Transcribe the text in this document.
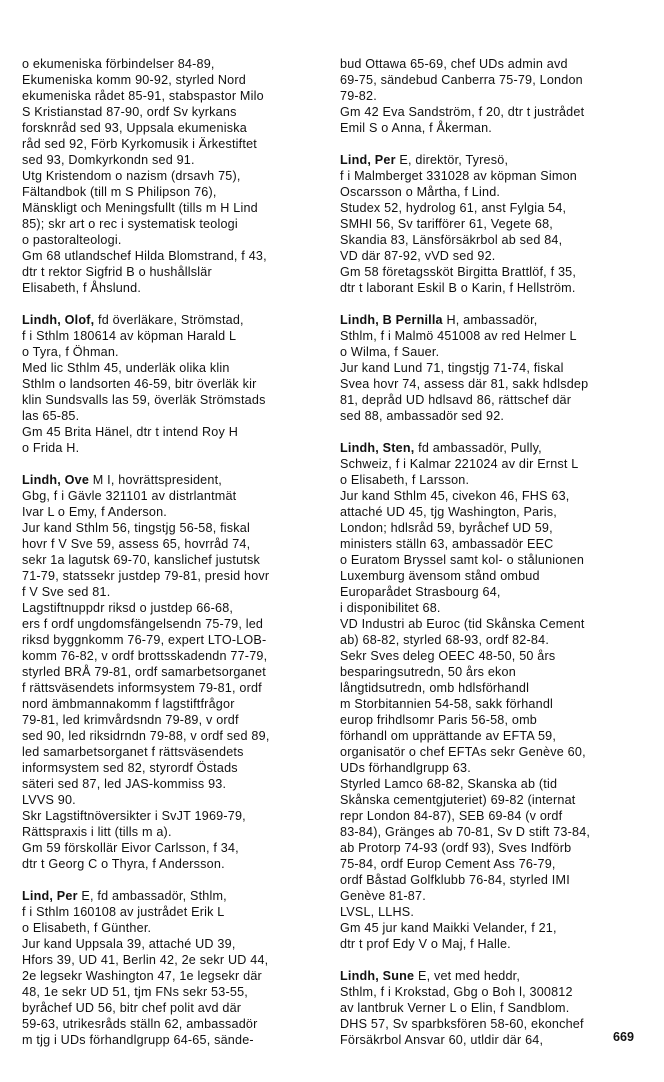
o ekumeniska förbindelser 84-89,
Ekumeniska komm 90-92, styrled Nord
ekumeniska rådet 85-91, stabspastor Milo
S Kristianstad 87-90, ordf Sv kyrkans
forsknråd sed 93, Uppsala ekumeniska
råd sed 92, Förb Kyrkomusik i Ärkestiftet
sed 93, Domkyrkondn sed 91.
Utg Kristendom o nazism (drsavh 75),
Fältandbok (till m S Philipson 76),
Mänskligt och Meningsfullt (tills m H Lind
85); skr art o rec i systematisk teologi
o pastoralteologi.
Gm 68 utlandschef Hilda Blomstrand, f 43,
dtr t rektor Sigfrid B o hushållslär
Elisabeth, f Åhslund.

Lindh, Olof, fd överläkare, Strömstad,
f i Sthlm 180614 av köpman Harald L
o Tyra, f Öhman.
Med lic Sthlm 45, underläk olika klin
Sthlm o landsorten 46-59, bitr överläk kir
klin Sundsvalls las 59, överläk Strömstads
las 65-85.
Gm 45 Brita Hänel, dtr t intend Roy H
o Frida H.

Lindh, Ove M I, hovrättspresident,
Gbg, f i Gävle 321101 av distrlantmät
Ivar L o Emy, f Anderson.
Jur kand Sthlm 56, tingstjg 56-58, fiskal
hovr f V Sve 59, assess 65, hovrråd 74,
sekr 1a lagutsk 69-70, kanslichef justutsk
71-79, statssekr justdep 79-81, presid hovr
f V Sve sed 81.
Lagstiftnuppdr riksd o justdep 66-68,
ers f ordf ungdomsfängelsendn 75-79, led
riksd byggnkomm 76-79, expert LTO-LOB-
komm 76-82, v ordf brottsskadendn 77-79,
styrled BRÅ 79-81, ordf samarbetsorganet
f rättsväsendets informsystem 79-81, ordf
nord ämbmannakomm f lagstiftfrågor
79-81, led krimvårdsndn 79-89, v ordf
sed 90, led riksidrndn 79-88, v ordf sed 89,
led samarbetsorganet f rättsväsendets
informsystem sed 82, styrordf Östads
säteri sed 87, led JAS-kommiss 93.
LVVS 90.
Skr Lagstiftnöversikter i SvJT 1969-79,
Rättspraxis i litt (tills m a).
Gm 59 förskollär Eivor Carlsson, f 34,
dtr t Georg C o Thyra, f Andersson.

Lind, Per E, fd ambassadör, Sthlm,
f i Sthlm 160108 av justrådet Erik L
o Elisabeth, f Günther.
Jur kand Uppsala 39, attaché UD 39,
Hfors 39, UD 41, Berlin 42, 2e sekr UD 44,
2e legsekr Washington 47, 1e legsekr där
48, 1e sekr UD 51, tjm FNs sekr 53-55,
byråchef UD 56, bitr chef polit avd där
59-63, utrikesråds ställn 62, ambassadör
m tjg i UDs förhandlgrupp 64-65, sände-

bud Ottawa 65-69, chef UDs admin avd
69-75, sändebud Canberra 75-79, London
79-82.
Gm 42 Eva Sandström, f 20, dtr t justrådet
Emil S o Anna, f Åkerman.

Lind, Per E, direktör, Tyresö,
f i Malmberget 331028 av köpman Simon
Oscarsson o Mårtha, f Lind.
Studex 52, hydrolog 61, anst Fylgia 54,
SMHI 56, Sv tarifförer 61, Vegete 68,
Skandia 83, Länsförsäkrbol ab sed 84,
VD där 87-92, vVD sed 92.
Gm 58 företagssköt Birgitta Brattlöf, f 35,
dtr t laborant Eskil B o Karin, f Hellström.

Lindh, B Pernilla H, ambassadör,
Sthlm, f i Malmö 451008 av red Helmer L
o Wilma, f Sauer.
Jur kand Lund 71, tingstjg 71-74, fiskal
Svea hovr 74, assess där 81, sakk hdlsdep
81, depråd UD hdlsavd 86, rättschef där
sed 88, ambassadör sed 92.

Lindh, Sten, fd ambassadör, Pully,
Schweiz, f i Kalmar 221024 av dir Ernst L
o Elisabeth, f Larsson.
Jur kand Sthlm 45, civekon 46, FHS 63,
attaché UD 45, tjg Washington, Paris,
London; hdlsråd 59, byråchef UD 59,
ministers ställn 63, ambassadör EEC
o Euratom Bryssel samt kol- o stålunionen
Luxemburg ävensom stånd ombud
Europarådet Strasbourg 64,
i disponibilitet 68.
VD Industri ab Euroc (tid Skånska Cement
ab) 68-82, styrled 68-93, ordf 82-84.
Sekr Sves deleg OEEC 48-50, 50 års
besparingsutredn, 50 års ekon
långtidsutredn, omb hdlsförhandl
m Storbitannien 54-58, sakk förhandl
europ frihdlsomr Paris 56-58, omb
förhandl om upprättande av EFTA 59,
organisatör o chef EFTAs sekr Genève 60,
UDs förhandlgrupp 63.
Styrled Lamco 68-82, Skanska ab (tid
Skånska cementgjuteriet) 69-82 (internat
repr London 84-87), SEB 69-84 (v ordf
83-84), Gränges ab 70-81, Sv D stift 73-84,
ab Protorp 74-93 (ordf 93), Sves Indförb
75-84, ordf Europ Cement Ass 76-79,
ordf Båstad Golfklubb 76-84, styrled IMI
Genève 81-87.
LVSL, LLHS.
Gm 45 jur kand Maikki Velander, f 21,
dtr t prof Edy V o Maj, f Halle.

Lindh, Sune E, vet med heddr,
Sthlm, f i Krokstad, Gbg o Boh l, 300812
av lantbruk Verner L o Elin, f Sandblom.
DHS 57, Sv sparbksfören 58-60, ekonchef
Försäkrbol Ansvar 60, utldir där 64,	669
